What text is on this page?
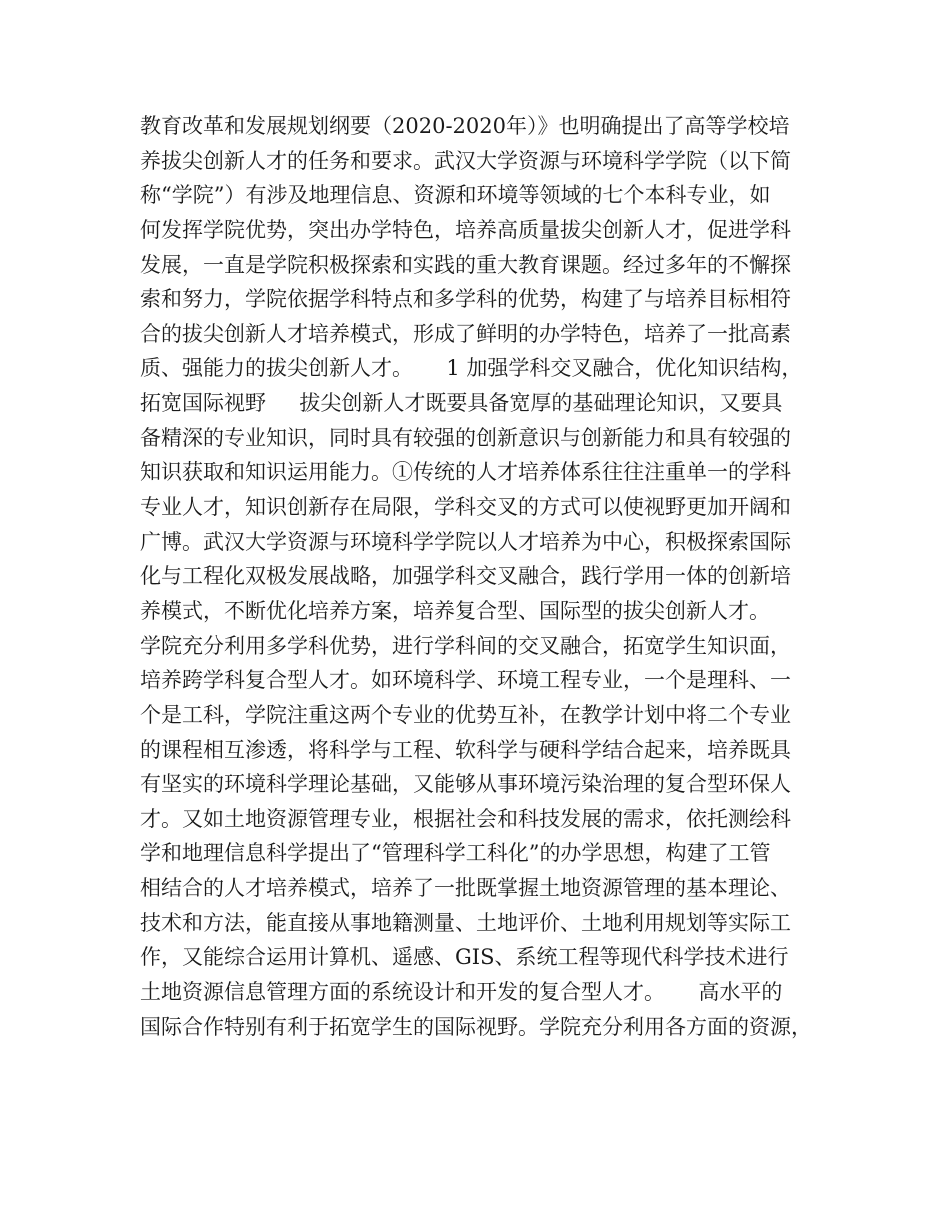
教育改革和发展规划纲要（2020-2020年）》也明确提出了高等学校培
养拔尖创新人才的任务和要求。武汉大学资源与环境科学学院（以下简
称“学院”）有涉及地理信息、资源和环境等领域的七个本科专业，如
何发挥学院优势，突出办学特色，培养高质量拔尖创新人才，促进学科
发展，一直是学院积极探索和实践的重大教育课题。经过多年的不懈探
索和努力，学院依据学科特点和多学科的优势，构建了与培养目标相符
合的拔尖创新人才培养模式，形成了鲜明的办学特色，培养了一批高素
质、强能力的拔尖创新人才。     1 加强学科交叉融合，优化知识结构，
拓宽国际视野     拔尖创新人才既要具备宽厚的基础理论知识，又要具
备精深的专业知识，同时具有较强的创新意识与创新能力和具有较强的
知识获取和知识运用能力。①传统的人才培养体系往往注重单一的学科
专业人才，知识创新存在局限，学科交叉的方式可以使视野更加开阔和
广博。武汉大学资源与环境科学学院以人才培养为中心，积极探索国际
化与工程化双极发展战略，加强学科交叉融合，践行学用一体的创新培
养模式，不断优化培养方案，培养复合型、国际型的拔尖创新人才。
学院充分利用多学科优势，进行学科间的交叉融合，拓宽学生知识面，
培养跨学科复合型人才。如环境科学、环境工程专业，一个是理科、一
个是工科，学院注重这两个专业的优势互补，在教学计划中将二个专业
的课程相互渗透，将科学与工程、软科学与硬科学结合起来，培养既具
有坚实的环境科学理论基础，又能够从事环境污染治理的复合型环保人
才。又如土地资源管理专业，根据社会和科技发展的需求，依托测绘科
学和地理信息科学提出了“管理科学工科化”的办学思想，构建了工管
相结合的人才培养模式，培养了一批既掌握土地资源管理的基本理论、
技术和方法，能直接从事地籍测量、土地评价、土地利用规划等实际工
作，又能综合运用计算机、遥感、GIS、系统工程等现代科学技术进行
土地资源信息管理方面的系统设计和开发的复合型人才。     高水平的
国际合作特别有利于拓宽学生的国际视野。学院充分利用各方面的资源，
